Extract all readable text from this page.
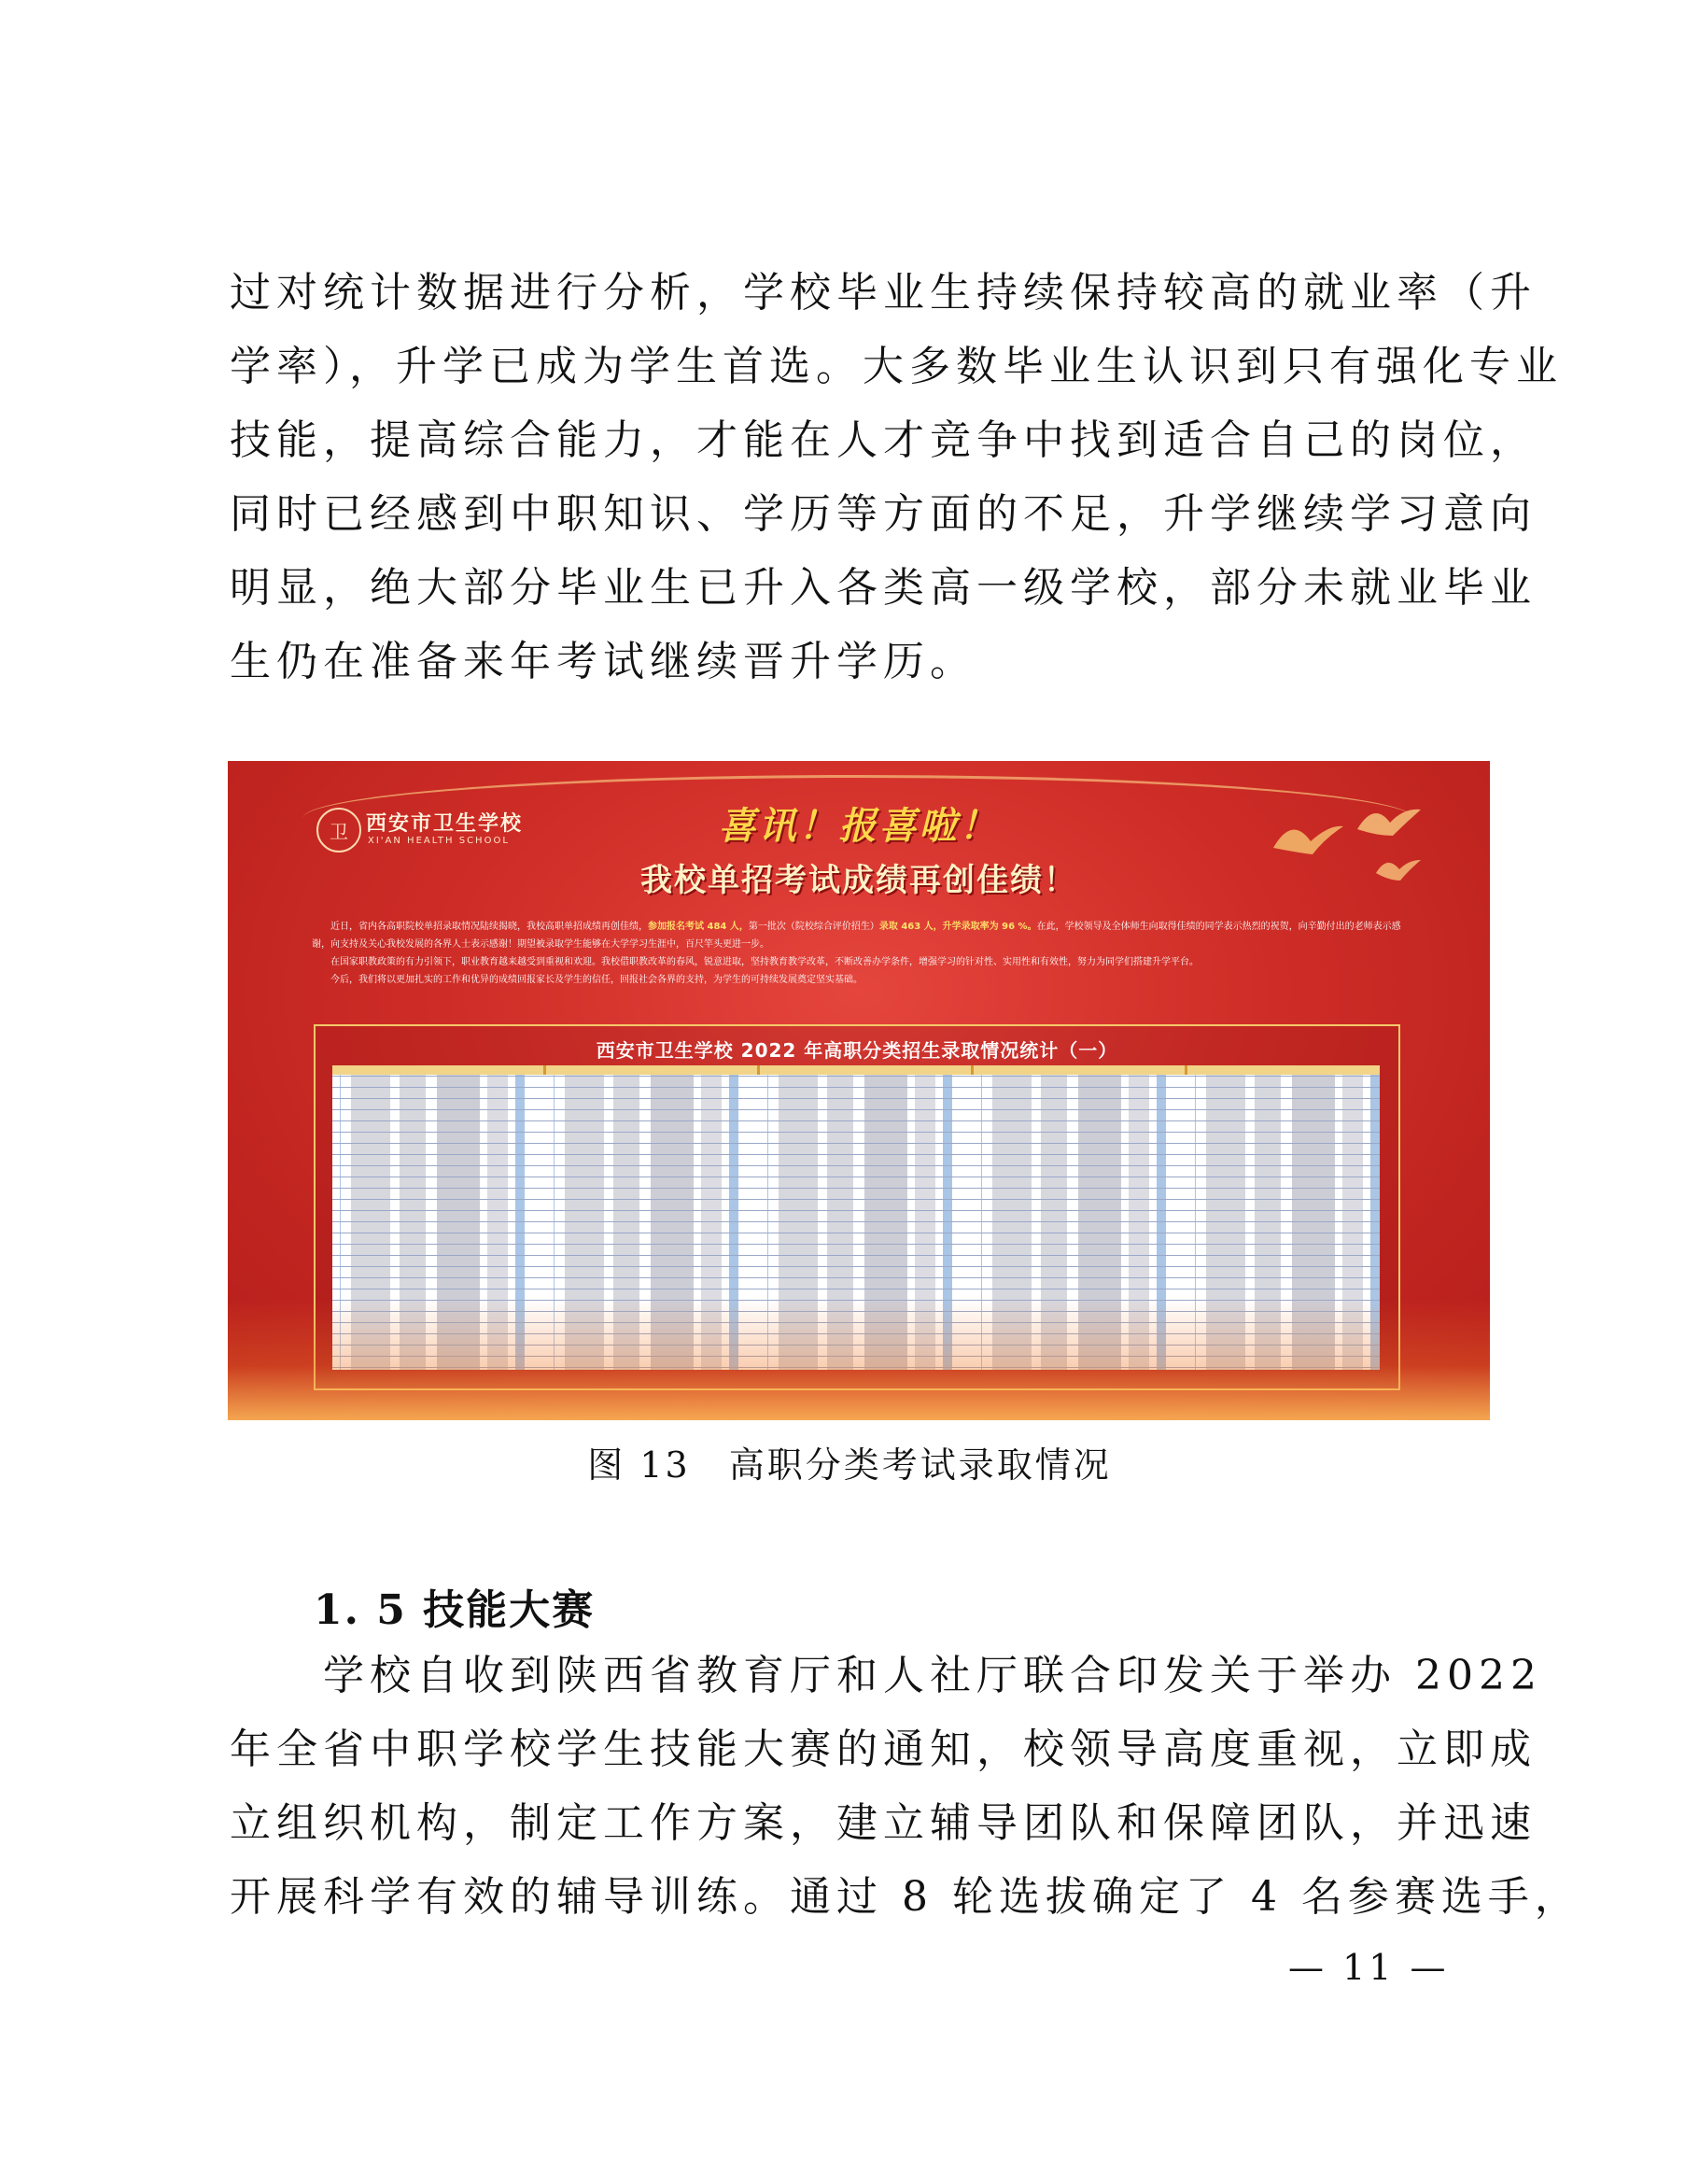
过对统计数据进行分析，学校毕业生持续保持较高的就业率（升
学率），升学已成为学生首选。大多数毕业生认识到只有强化专业
技能，提高综合能力，才能在人才竞争中找到适合自己的岗位，
同时已经感到中职知识、学历等方面的不足，升学继续学习意向
明显，绝大部分毕业生已升入各类高一级学校，部分未就业毕业
生仍在准备来年考试继续晋升学历。
卫 西安市卫生学校
XI'AN HEALTH SCHOOL	喜讯！报喜啦！
我校单招考试成绩再创佳绩！

近日，省内各高职院校单招录取情况陆续揭晓，我校高职单招成绩再创佳绩，参加报名考试 484 人，第一批次（院校综合评价招生）录取 463 人，升学录取率为 96 %。在此，学校领导及全体师生向取得佳绩的同学表示热烈的祝贺，向辛勤付出的老师表示感谢，向支持及关心我校发展的各界人士表示感谢！期望被录取学生能够在大学学习生涯中，百尺竿头更进一步。

在国家职教政策的有力引领下，职业教育越来越受到重视和欢迎。我校借职教改革的春风，锐意进取，坚持教育教学改革，不断改善办学条件，增强学习的针对性、实用性和有效性，努力为同学们搭建升学平台。

今后，我们将以更加扎实的工作和优异的成绩回报家长及学生的信任，回报社会各界的支持，为学生的可持续发展奠定坚实基础。

西安市卫生学校 2022 年高职分类招生录取情况统计（一）
图 13　高职分类考试录取情况
1. 5 技能大赛
　　学校自收到陕西省教育厅和人社厅联合印发关于举办 2022
年全省中职学校学生技能大赛的通知，校领导高度重视，立即成
立组织机构，制定工作方案，建立辅导团队和保障团队，并迅速
开展科学有效的辅导训练。通过 8 轮选拔确定了 4 名参赛选手，
— 11 —
